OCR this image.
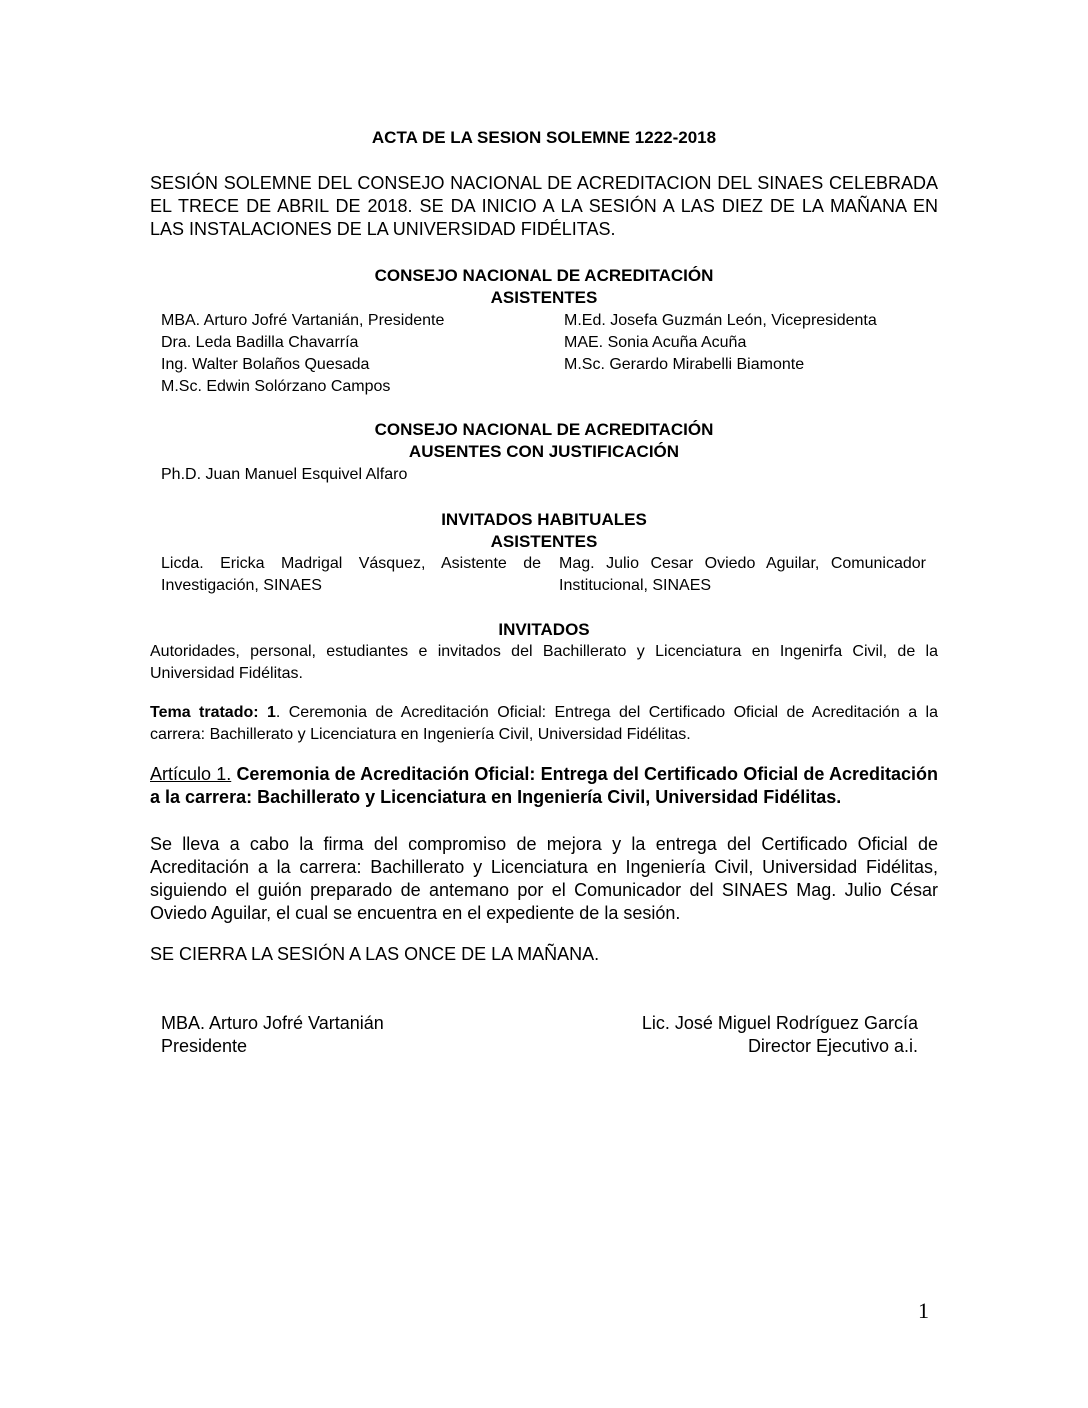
ACTA DE LA SESION SOLEMNE 1222-2018
SESIÓN SOLEMNE DEL CONSEJO NACIONAL DE ACREDITACION DEL SINAES CELEBRADA EL TRECE DE ABRIL DE 2018. SE DA INICIO A LA SESIÓN A LAS DIEZ DE LA MAÑANA EN LAS INSTALACIONES DE LA UNIVERSIDAD FIDÉLITAS.
CONSEJO NACIONAL DE ACREDITACIÓN
ASISTENTES
MBA. Arturo Jofré Vartanián, Presidente
Dra. Leda Badilla Chavarría
Ing. Walter Bolaños Quesada
M.Sc. Edwin Solórzano Campos
M.Ed. Josefa Guzmán León, Vicepresidenta
MAE. Sonia Acuña Acuña
M.Sc. Gerardo Mirabelli Biamonte
CONSEJO NACIONAL DE ACREDITACIÓN
AUSENTES CON JUSTIFICACIÓN
Ph.D. Juan Manuel Esquivel Alfaro
INVITADOS HABITUALES
ASISTENTES
Licda. Ericka Madrigal Vásquez, Asistente de Investigación, SINAES
Mag. Julio Cesar Oviedo Aguilar, Comunicador Institucional, SINAES
INVITADOS
Autoridades, personal, estudiantes e invitados del Bachillerato y Licenciatura en Ingenirfa Civil, de la Universidad Fidélitas.
Tema tratado: 1. Ceremonia de Acreditación Oficial: Entrega del Certificado Oficial de Acreditación a la carrera: Bachillerato y Licenciatura en Ingeniería Civil, Universidad Fidélitas.
Artículo 1. Ceremonia de Acreditación Oficial: Entrega del Certificado Oficial de Acreditación a la carrera: Bachillerato y Licenciatura en Ingeniería Civil, Universidad Fidélitas.
Se lleva a cabo la firma del compromiso de mejora y la entrega del Certificado Oficial de Acreditación a la carrera: Bachillerato y Licenciatura en Ingeniería Civil, Universidad Fidélitas, siguiendo el guión preparado de antemano por el Comunicador del SINAES Mag. Julio César Oviedo Aguilar, el cual se encuentra en el expediente de la sesión.
SE CIERRA LA SESIÓN A LAS ONCE DE LA MAÑANA.
MBA. Arturo Jofré Vartanián
Presidente
Lic. José Miguel Rodríguez García
Director Ejecutivo a.i.
1
